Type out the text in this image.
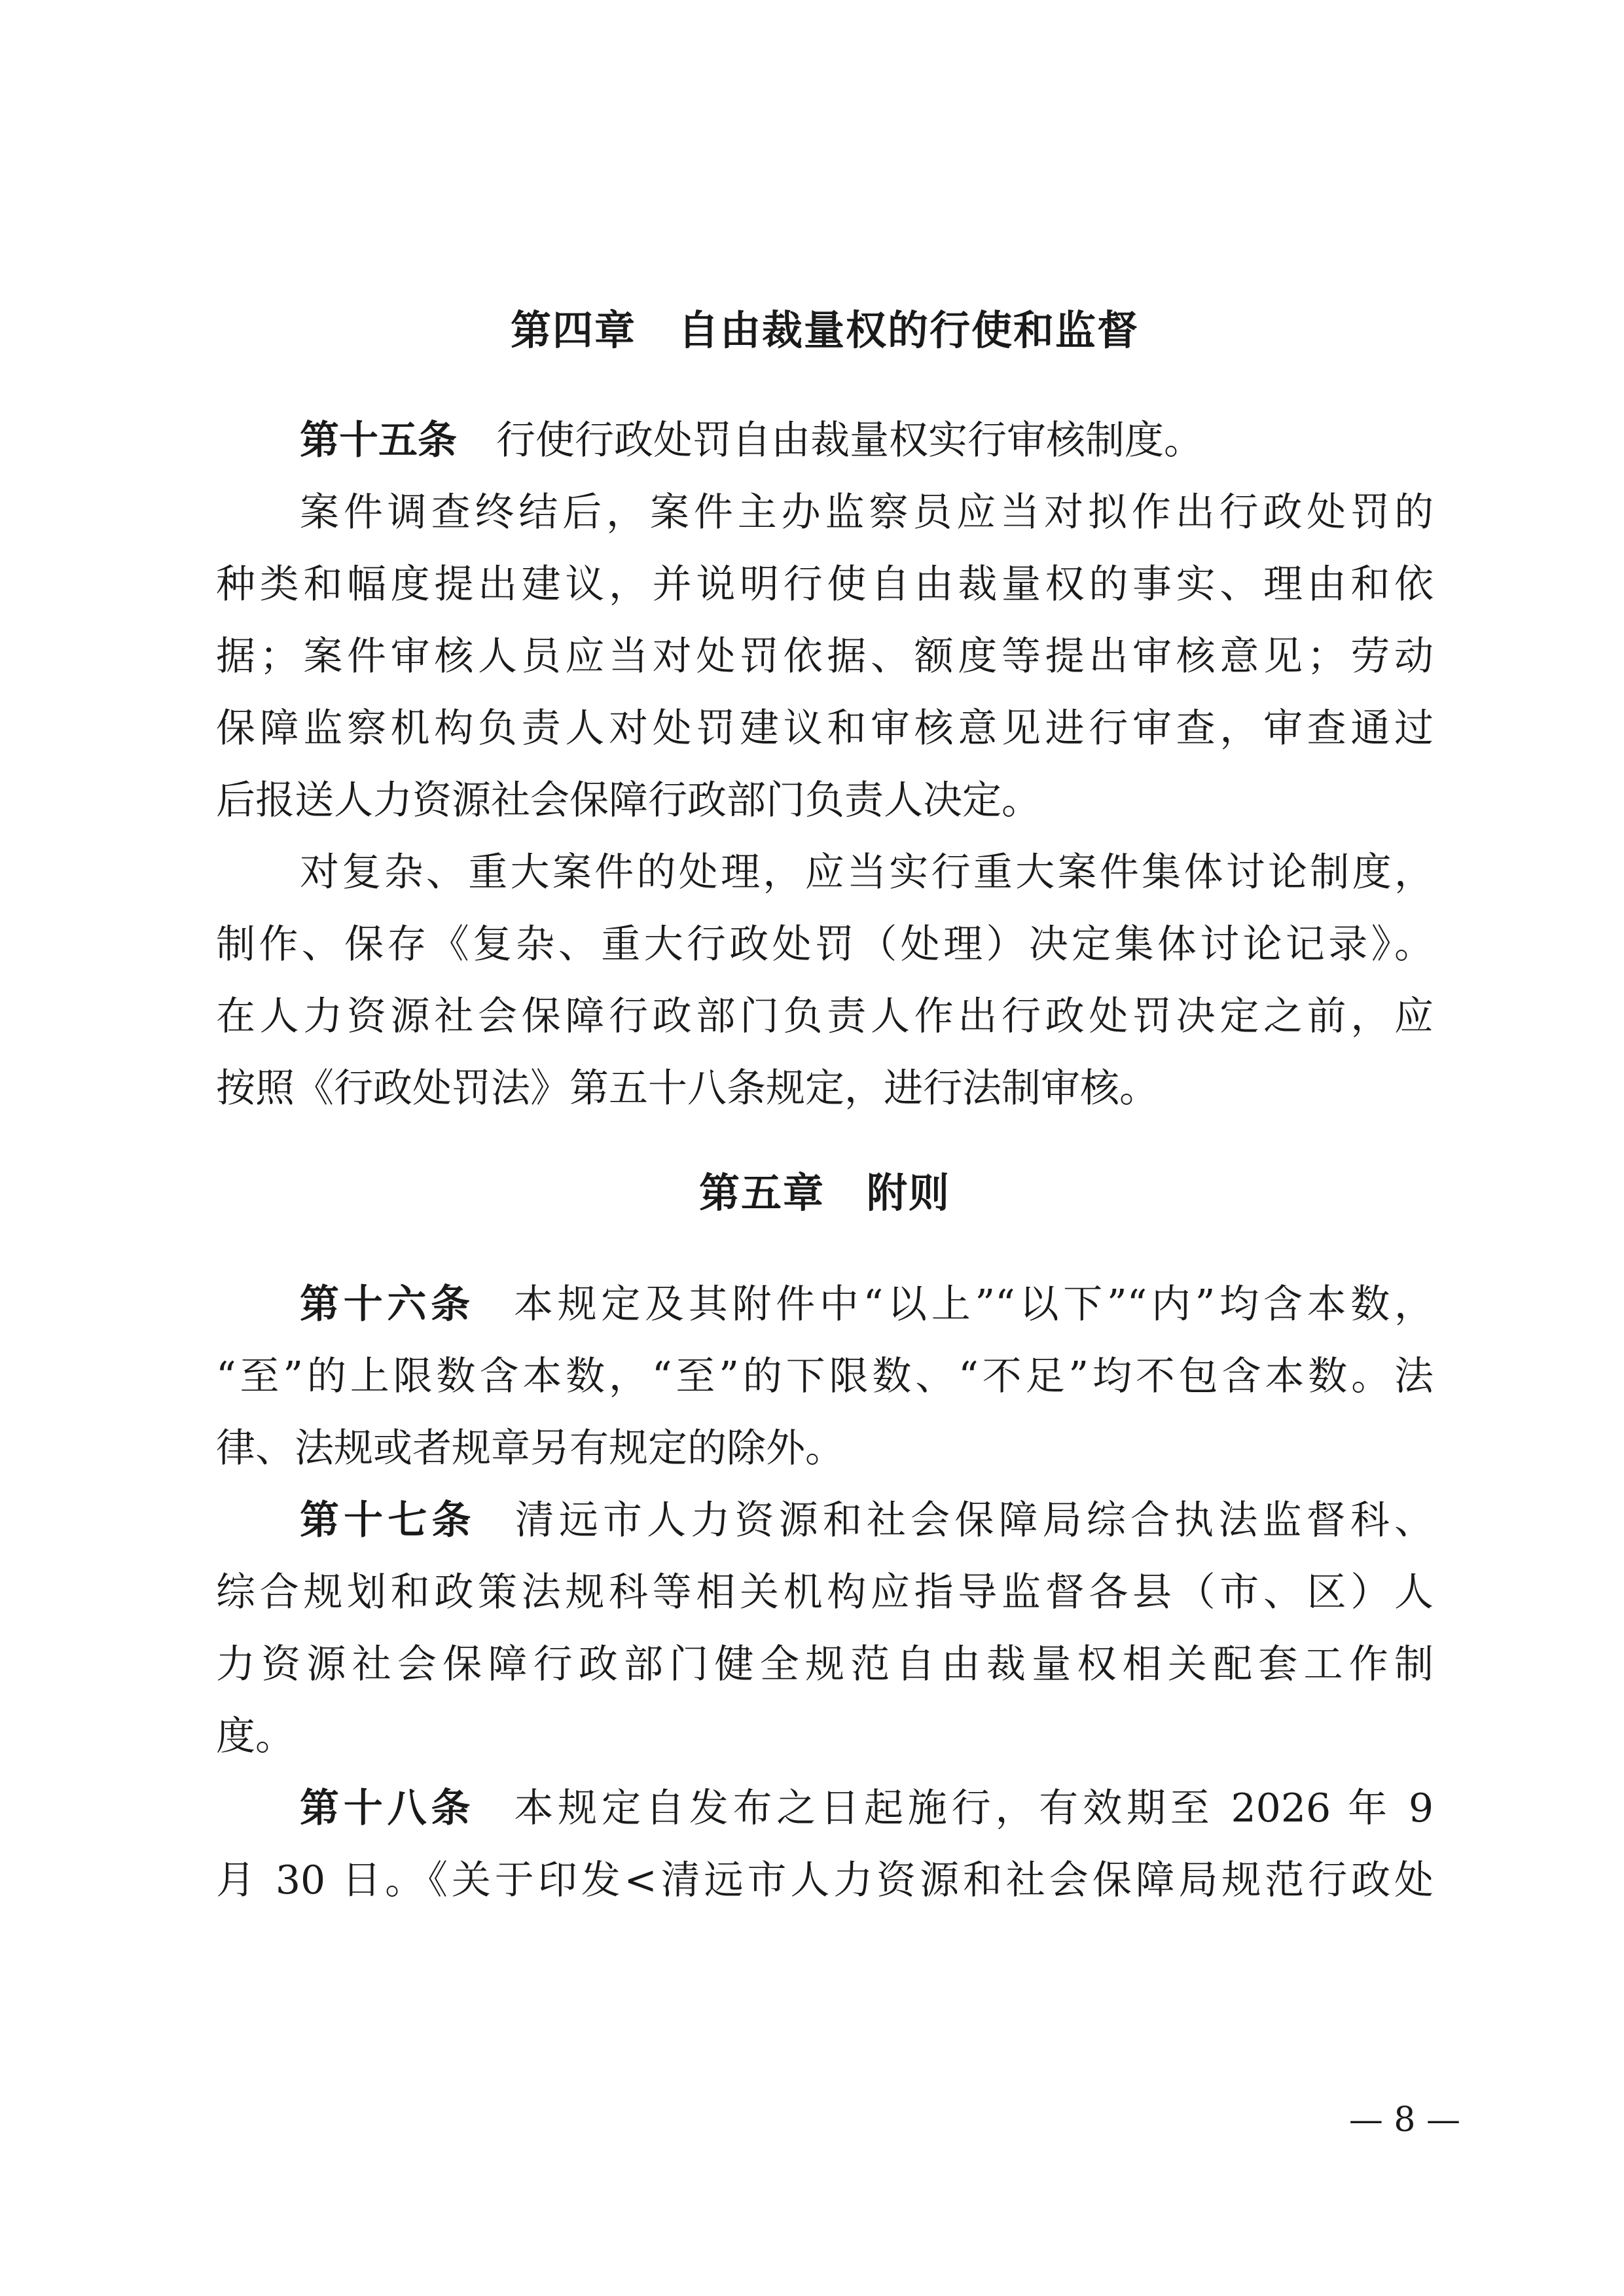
第四章　自由裁量权的行使和监督
第十五条 行使行政处罚自由裁量权实行审核制度。
案件调查终结后，案件主办监察员应当对拟作出行政处罚的
种类和幅度提出建议，并说明行使自由裁量权的事实、理由和依
据；案件审核人员应当对处罚依据、额度等提出审核意见；劳动
保障监察机构负责人对处罚建议和审核意见进行审查，审查通过
后报送人力资源社会保障行政部门负责人决定。
对复杂、重大案件的处理，应当实行重大案件集体讨论制度，
制作、保存《复杂、重大行政处罚（处理）决定集体讨论记录》。
在人力资源社会保障行政部门负责人作出行政处罚决定之前，应
按照《行政处罚法》第五十八条规定，进行法制审核。
第五章　附则
第十六条 本规定及其附件中“以上”“以下”“内”均含本数，
“至”的上限数含本数，“至”的下限数、“不足”均不包含本数。法
律、法规或者规章另有规定的除外。
第十七条 清远市人力资源和社会保障局综合执法监督科、
综合规划和政策法规科等相关机构应指导监督各县（市、区）人
力资源社会保障行政部门健全规范自由裁量权相关配套工作制
度。
第十八条 本规定自发布之日起施行，有效期至 2026 年 9
月 30 日。《关于印发<清远市人力资源和社会保障局规范行政处
— 8 —
